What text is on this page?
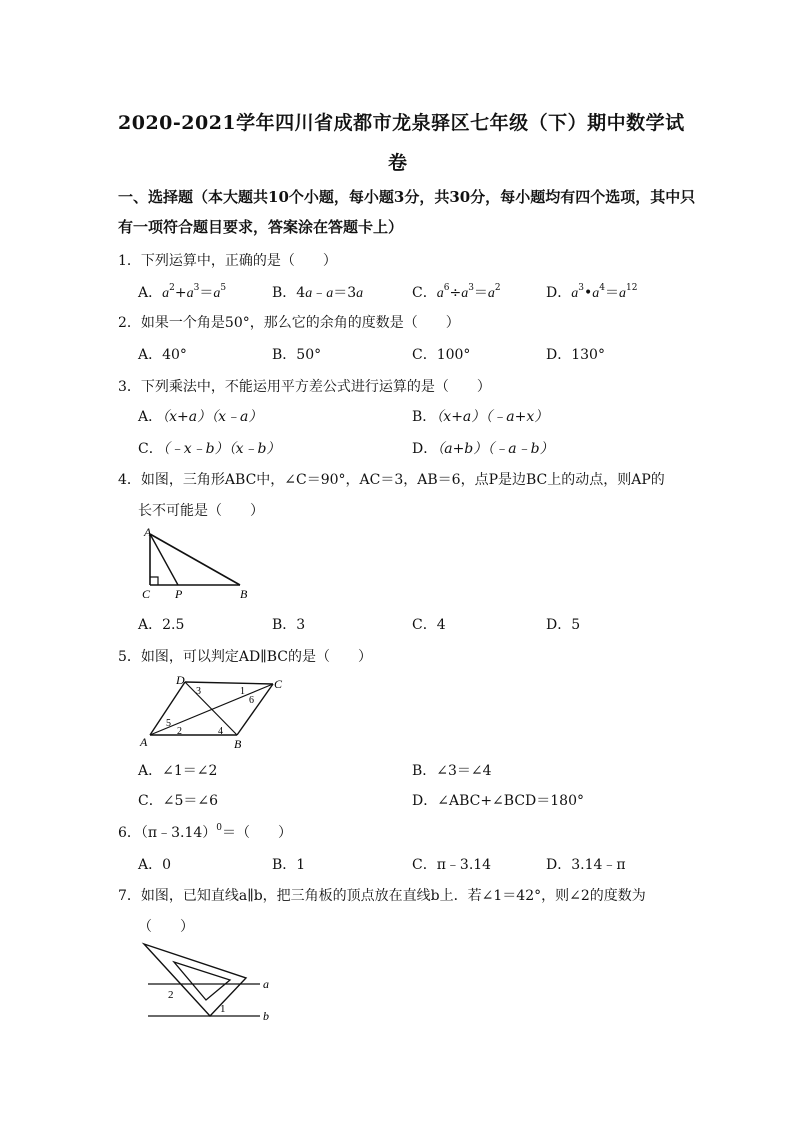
2020-2021学年四川省成都市龙泉驿区七年级（下）期中数学试
卷
一、选择题（本大题共10个小题，每小题3分，共30分，每小题均有四个选项，其中只
有一项符合题目要求，答案涂在答题卡上）
1．下列运算中，正确的是（　　）
A．$a^2+a^3=a^5$	B．4a﹣a＝3a	C．$a^6\div a^3=a^2$	D．$a^3•a^4=a^{12}$
2．如果一个角是50°，那么它的余角的度数是（　　）
A．40°	B．50°	C．100°	D．130°
3．下列乘法中，不能运用平方差公式进行运算的是（　　）
A．（x+a）（x﹣a）	B．（x+a）（﹣a+x）
C．（﹣x﹣b）（x﹣b）	D．（a+b）（﹣a﹣b）
4．如图，三角形ABC中，∠C＝90°，AC＝3，AB＝6，点P是边BC上的动点，则AP的
长不可能是（　　）
A
C P	B
A．2.5	B．3	C．4	D．5
5．如图，可以判定AD∥BC的是（　　）
D	C
A	B
3	1
6
5
2	4
A．∠1＝∠2	B．∠3＝∠4
C．∠5＝∠6	D．∠ABC+∠BCD＝180°
6．（π﹣3.14）$^0$＝（　　）
A．0	B．1	C．π﹣3.14	D．3.14﹣π
7．如图，已知直线a∥b，把三角板的顶点放在直线b上．若∠1＝42°，则∠2的度数为
（　　）
a
b
2
1
